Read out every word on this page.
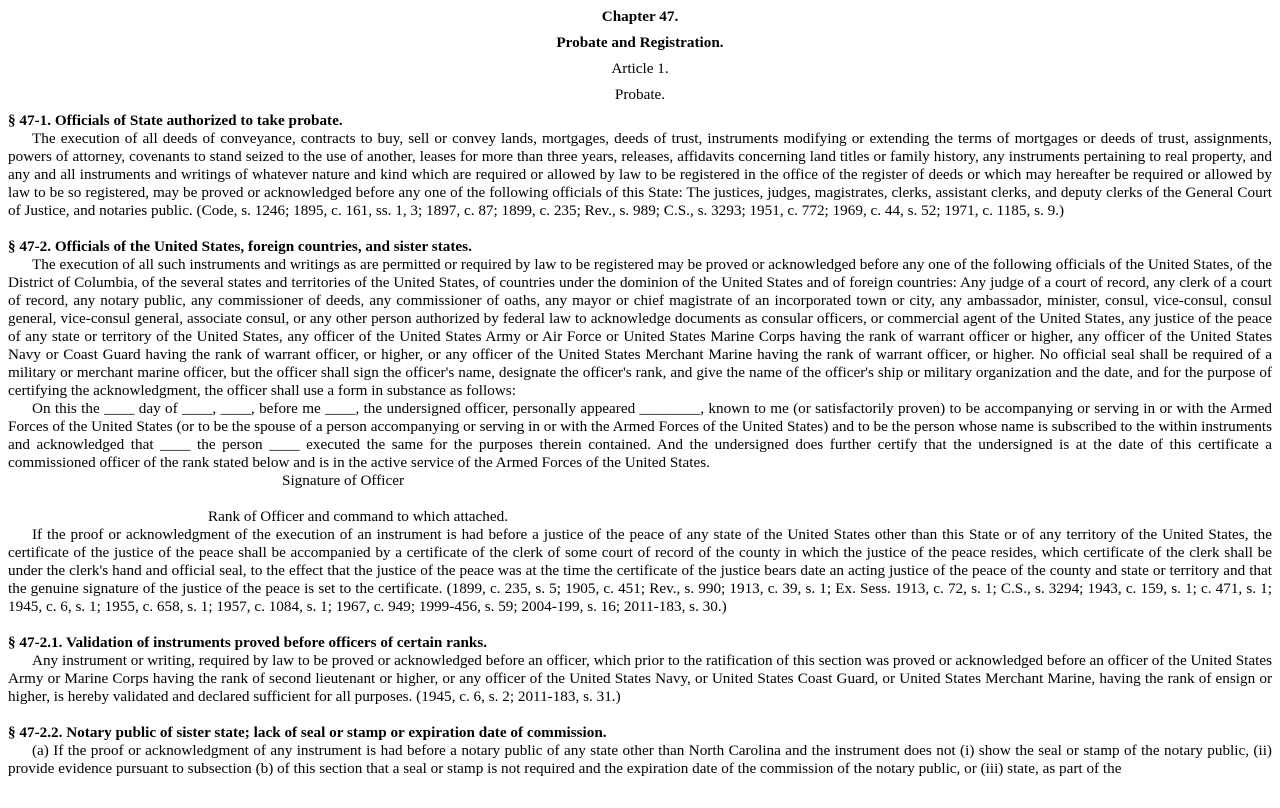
Chapter 47.
Probate and Registration.
Article 1.
Probate.
§ 47-1. Officials of State authorized to take probate.

The execution of all deeds of conveyance, contracts to buy, sell or convey lands, mortgages, deeds of trust, instruments modifying or extending the terms of mortgages or deeds of trust, assignments, powers of attorney, covenants to stand seized to the use of another, leases for more than three years, releases, affidavits concerning land titles or family history, any instruments pertaining to real property, and any and all instruments and writings of whatever nature and kind which are required or allowed by law to be registered in the office of the register of deeds or which may hereafter be required or allowed by law to be so registered, may be proved or acknowledged before any one of the following officials of this State: The justices, judges, magistrates, clerks, assistant clerks, and deputy clerks of the General Court of Justice, and notaries public. (Code, s. 1246; 1895, c. 161, ss. 1, 3; 1897, c. 87; 1899, c. 235; Rev., s. 989; C.S., s. 3293; 1951, c. 772; 1969, c. 44, s. 52; 1971, c. 1185, s. 9.)

§ 47-2. Officials of the United States, foreign countries, and sister states.

The execution of all such instruments and writings as are permitted or required by law to be registered may be proved or acknowledged before any one of the following officials of the United States, of the District of Columbia, of the several states and territories of the United States, of countries under the dominion of the United States and of foreign countries: Any judge of a court of record, any clerk of a court of record, any notary public, any commissioner of deeds, any commissioner of oaths, any mayor or chief magistrate of an incorporated town or city, any ambassador, minister, consul, vice-consul, consul general, vice-consul general, associate consul, or any other person authorized by federal law to acknowledge documents as consular officers, or commercial agent of the United States, any justice of the peace of any state or territory of the United States, any officer of the United States Army or Air Force or United States Marine Corps having the rank of warrant officer or higher, any officer of the United States Navy or Coast Guard having the rank of warrant officer, or higher, or any officer of the United States Merchant Marine having the rank of warrant officer, or higher. No official seal shall be required of a military or merchant marine officer, but the officer shall sign the officer's name, designate the officer's rank, and give the name of the officer's ship or military organization and the date, and for the purpose of certifying the acknowledgment, the officer shall use a form in substance as follows:

On this the ____ day of ____, ____, before me ____, the undersigned officer, personally appeared ________, known to me (or satisfactorily proven) to be accompanying or serving in or with the Armed Forces of the United States (or to be the spouse of a person accompanying or serving in or with the Armed Forces of the United States) and to be the person whose name is subscribed to the within instruments and acknowledged that ____ the person ____ executed the same for the purposes therein contained. And the undersigned does further certify that the undersigned is at the date of this certificate a commissioned officer of the rank stated below and is in the active service of the Armed Forces of the United States.

Signature of Officer
Rank of Officer and command to which attached.

If the proof or acknowledgment of the execution of an instrument is had before a justice of the peace of any state of the United States other than this State or of any territory of the United States, the certificate of the justice of the peace shall be accompanied by a certificate of the clerk of some court of record of the county in which the justice of the peace resides, which certificate of the clerk shall be under the clerk's hand and official seal, to the effect that the justice of the peace was at the time the certificate of the justice bears date an acting justice of the peace of the county and state or territory and that the genuine signature of the justice of the peace is set to the certificate. (1899, c. 235, s. 5; 1905, c. 451; Rev., s. 990; 1913, c. 39, s. 1; Ex. Sess. 1913, c. 72, s. 1; C.S., s. 3294; 1943, c. 159, s. 1; c. 471, s. 1; 1945, c. 6, s. 1; 1955, c. 658, s. 1; 1957, c. 1084, s. 1; 1967, c. 949; 1999-456, s. 59; 2004-199, s. 16; 2011-183, s. 30.)

§ 47-2.1. Validation of instruments proved before officers of certain ranks.

Any instrument or writing, required by law to be proved or acknowledged before an officer, which prior to the ratification of this section was proved or acknowledged before an officer of the United States Army or Marine Corps having the rank of second lieutenant or higher, or any officer of the United States Navy, or United States Coast Guard, or United States Merchant Marine, having the rank of ensign or higher, is hereby validated and declared sufficient for all purposes. (1945, c. 6, s. 2; 2011-183, s. 31.)

§ 47-2.2. Notary public of sister state; lack of seal or stamp or expiration date of commission.

(a) If the proof or acknowledgment of any instrument is had before a notary public of any state other than North Carolina and the instrument does not (i) show the seal or stamp of the notary public, (ii) provide evidence pursuant to subsection (b) of this section that a seal or stamp is not required and the expiration date of the commission of the notary public, or (iii) state, as part of the
